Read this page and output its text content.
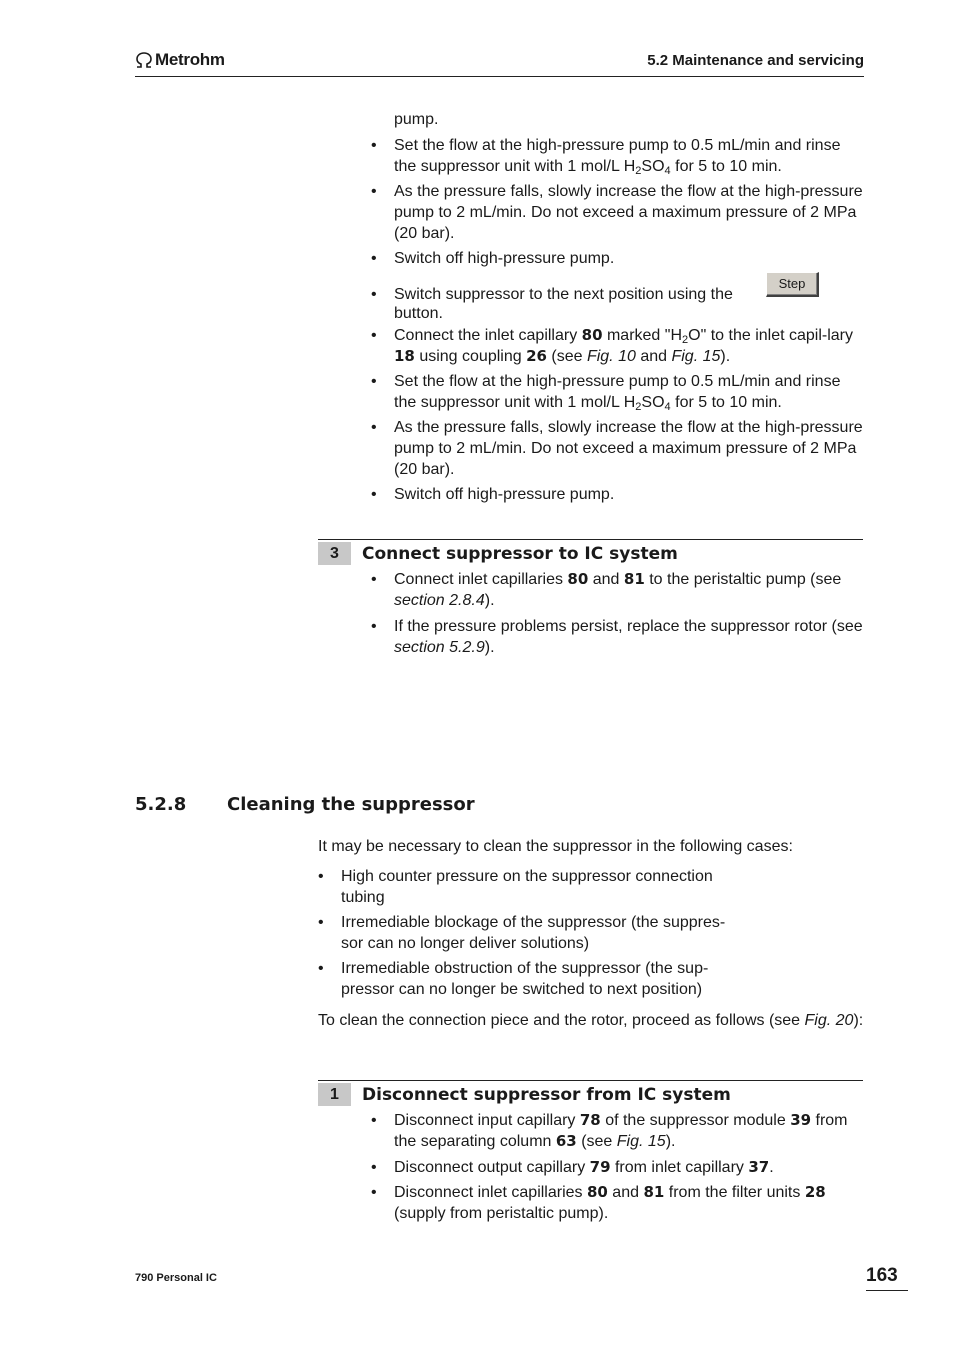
Metrohm	5.2 Maintenance and servicing
pump.
• Set the flow at the high-pressure pump to 0.5 mL/min and rinse the suppressor unit with 1 mol/L $H_2SO_4$ for 5 to 10 min.
• As the pressure falls, slowly increase the flow at the high-pressure pump to 2 mL/min. Do not exceed a maximum pressure of 2 MPa (20 bar).
• Switch off high-pressure pump.
• Switch suppressor to the next position using the
Step
button.
• Connect the inlet capillary 80 marked "$H_2O$" to the inlet capil-lary 18 using coupling 26 (see Fig. 10 and Fig. 15).
• Set the flow at the high-pressure pump to 0.5 mL/min and rinse the suppressor unit with 1 mol/L $H_2SO_4$ for 5 to 10 min.
• As the pressure falls, slowly increase the flow at the high-pressure pump to 2 mL/min. Do not exceed a maximum pressure of 2 MPa (20 bar).
• Switch off high-pressure pump.
3	Connect suppressor to IC system
• Connect inlet capillaries 80 and 81 to the peristaltic pump (see section 2.8.4).
• If the pressure problems persist, replace the suppressor rotor (see section 5.2.9).
5.2.8 Cleaning the suppressor
It may be necessary to clean the suppressor in the following cases:
• High counter pressure on the suppressor connection tubing
• Irremediable blockage of the suppressor (the suppres-sor can no longer deliver solutions)
• Irremediable obstruction of the suppressor (the sup-pressor can no longer be switched to next position)
To clean the connection piece and the rotor, proceed as follows (see Fig. 20):
1	Disconnect suppressor from IC system
• Disconnect input capillary 78 of the suppressor module 39 from the separating column 63 (see Fig. 15).
• Disconnect output capillary 79 from inlet capillary 37.
• Disconnect inlet capillaries 80 and 81 from the filter units 28 (supply from peristaltic pump).
790 Personal IC	163
